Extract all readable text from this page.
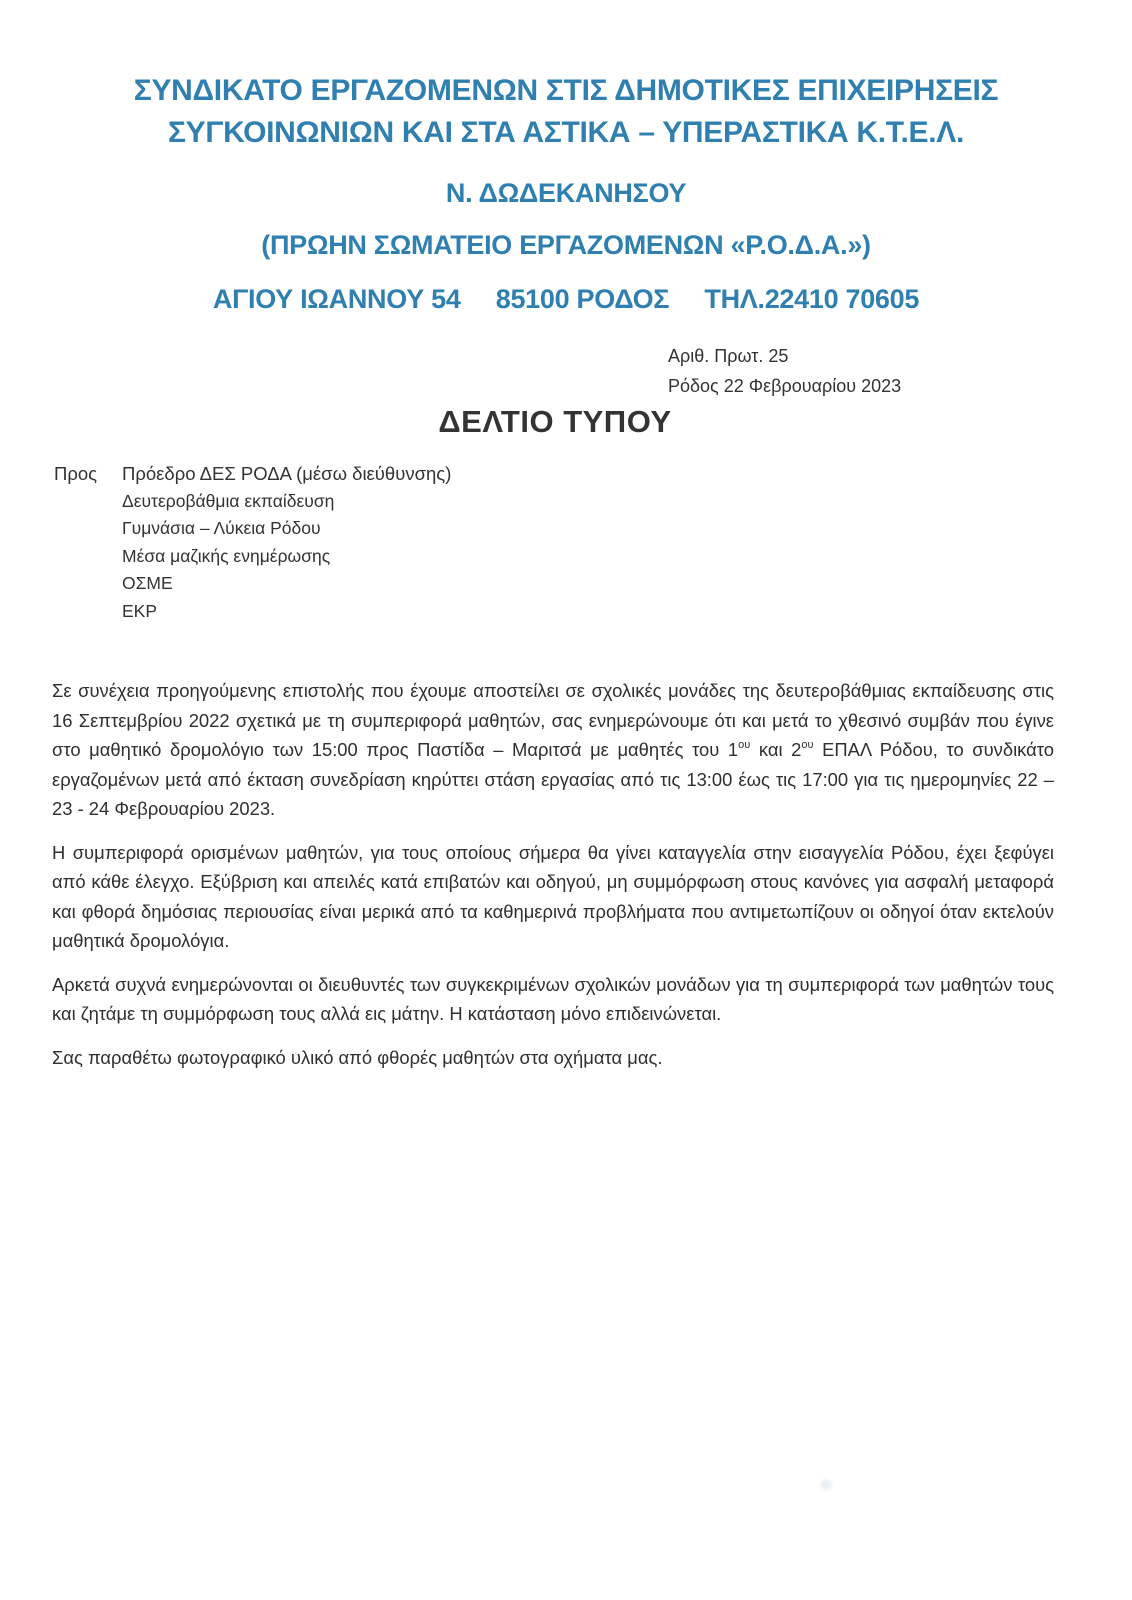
ΣΥΝΔΙΚΑΤΟ ΕΡΓΑΖΟΜΕΝΩΝ ΣΤΙΣ ΔΗΜΟΤΙΚΕΣ ΕΠΙΧΕΙΡΗΣΕΙΣ
ΣΥΓΚΟΙΝΩΝΙΩΝ ΚΑΙ ΣΤΑ ΑΣΤΙΚΑ – ΥΠΕΡΑΣΤΙΚΑ Κ.Τ.Ε.Λ.
Ν. ΔΩΔΕΚΑΝΗΣΟΥ
(ΠΡΩΗΝ ΣΩΜΑΤΕΙΟ ΕΡΓΑΖΟΜΕΝΩΝ «Ρ.Ο.Δ.Α.»)
ΑΓΙΟΥ ΙΩΑΝΝΟΥ 54 85100 ΡΟΔΟΣ ΤΗΛ.22410 70605
Αριθ. Πρωτ. 25
Ρόδος 22 Φεβρουαρίου 2023
ΔΕΛΤΙΟ ΤΥΠΟΥ
Προς Πρόεδρο ΔΕΣ ΡΟΔΑ (μέσω διεύθυνσης)
Δευτεροβάθμια εκπαίδευση
Γυμνάσια – Λύκεια Ρόδου
Μέσα μαζικής ενημέρωσης
ΟΣΜΕ
ΕΚΡ

Σε συνέχεια προηγούμενης επιστολής που έχουμε αποστείλει σε σχολικές μονάδες της δευτεροβάθμιας εκπαίδευσης στις 16 Σεπτεμβρίου 2022 σχετικά με τη συμπεριφορά μαθητών, σας ενημερώνουμε ότι και μετά το χθεσινό συμβάν που έγινε στο μαθητικό δρομολόγιο των 15:00 προς Παστίδα – Μαριτσά με μαθητές του $1^{o\upsilon}$ και $2^{o\upsilon}$ ΕΠΑΛ Ρόδου, το συνδικάτο εργαζομένων μετά από έκταση συνεδρίαση κηρύττει στάση εργασίας από τις 13:00 έως τις 17:00 για τις ημερομηνίες 22 – 23 - 24 Φεβρουαρίου 2023.

Η συμπεριφορά ορισμένων μαθητών, για τους οποίους σήμερα θα γίνει καταγγελία στην εισαγγελία Ρόδου, έχει ξεφύγει από κάθε έλεγχο. Εξύβριση και απειλές κατά επιβατών και οδηγού, μη συμμόρφωση στους κανόνες για ασφαλή μεταφορά και φθορά δημόσιας περιουσίας είναι μερικά από τα καθημερινά προβλήματα που αντιμετωπίζουν οι οδηγοί όταν εκτελούν μαθητικά δρομολόγια.

Αρκετά συχνά ενημερώνονται οι διευθυντές των συγκεκριμένων σχολικών μονάδων για τη συμπεριφορά των μαθητών τους και ζητάμε τη συμμόρφωση τους αλλά εις μάτην. Η κατάσταση μόνο επιδεινώνεται.

Σας παραθέτω φωτογραφικό υλικό από φθορές μαθητών στα οχήματα μας.
